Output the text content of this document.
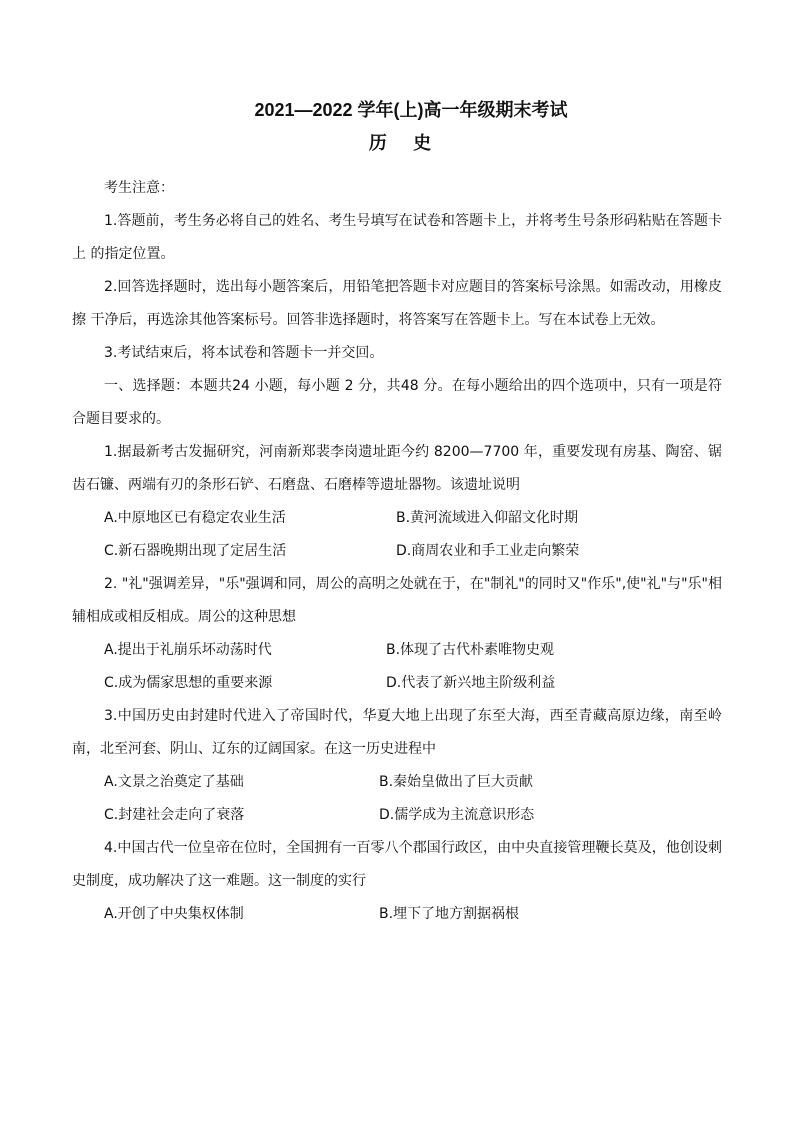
2021—2022 学年(上)高一年级期末考试
历 史

考生注意：

1.答题前，考生务必将自己的姓名、考生号填写在试卷和答题卡上，并将考生号条形码粘贴在答题卡上 的指定位置。

2.回答选择题时，选出每小题答案后，用铅笔把答题卡对应题目的答案标号涂黑。如需改动，用橡皮擦 干净后，再选涂其他答案标号。回答非选择题时，将答案写在答题卡上。写在本试卷上无效。

3.考试结束后，将本试卷和答题卡一并交回。

一、选择题：本题共24 小题，每小题 2 分，共48 分。在每小题给出的四个选项中，只有一项是符合题目要求的。

1.据最新考古发掘研究，河南新郑裴李岗遗址距今约 8200—7700 年，重要发现有房基、陶窑、锯齿石镰、两端有刃的条形石铲、石磨盘、石磨棒等遗址器物。该遗址说明

A.中原地区已有稳定农业生活	B.黄河流域进入仰韶文化时期
C.新石器晚期出现了定居生活	D.商周农业和手工业走向繁荣

2. "礼"强调差异，"乐"强调和同，周公的高明之处就在于，在"制礼"的同时又"作乐",使"礼"与"乐"相辅相成或相反相成。周公的这种思想

A.提出于礼崩乐坏动荡时代	B.体现了古代朴素唯物史观
C.成为儒家思想的重要来源	D.代表了新兴地主阶级利益

3.中国历史由封建时代进入了帝国时代，华夏大地上出现了东至大海，西至青藏高原边缘，南至岭南，北至河套、阴山、辽东的辽阔国家。在这一历史进程中

A.文景之治奠定了基础	B.秦始皇做出了巨大贡献
C.封建社会走向了衰落	D.儒学成为主流意识形态

4.中国古代一位皇帝在位时，全国拥有一百零八个郡国行政区，由中央直接管理鞭长莫及，他创设刺史制度，成功解决了这一难题。这一制度的实行

A.开创了中央集权体制	B.埋下了地方割据祸根
